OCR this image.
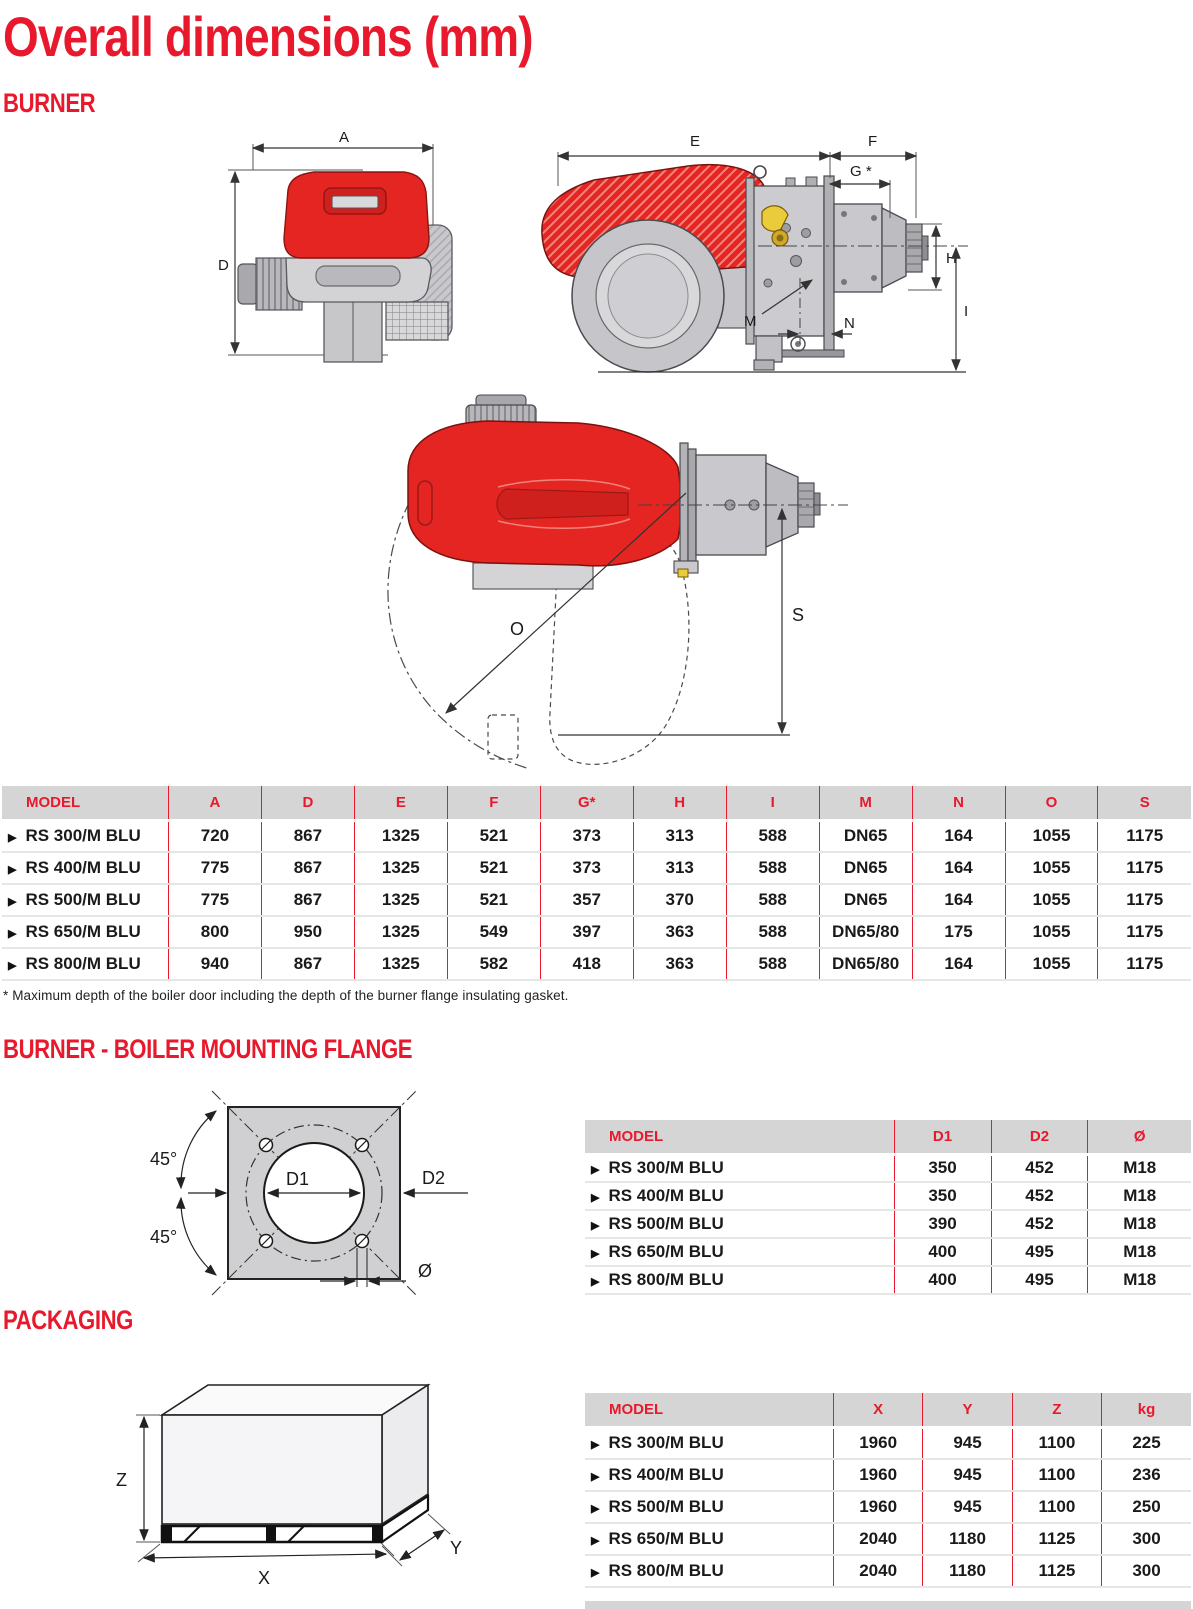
Overall dimensions (mm)
BURNER
A
D
E	F
G *
H
I
M	N
O
S
MODEL	A	D	E	F	G*	H	I	M	N	O	S
▶ RS 300/M BLU	720	867	1325	521	373	313	588	DN65	164	1055	1175
▶ RS 400/M BLU	775	867	1325	521	373	313	588	DN65	164	1055	1175
▶ RS 500/M BLU	775	867	1325	521	357	370	588	DN65	164	1055	1175
▶ RS 650/M BLU	800	950	1325	549	397	363	588	DN65/80	175	1055	1175
▶ RS 800/M BLU	940	867	1325	582	418	363	588	DN65/80	164	1055	1175

* Maximum depth of the boiler door including the depth of the burner flange insulating gasket.

BURNER - BOILER MOUNTING FLANGE
D1	D2
45°
45°
Ø
MODEL	D1	D2	Ø
▶ RS 300/M BLU	350	452	M18
▶ RS 400/M BLU	350	452	M18
▶ RS 500/M BLU	390	452	M18
▶ RS 650/M BLU	400	495	M18
▶ RS 800/M BLU	400	495	M18
PACKAGING
Z
X
Y
MODEL	X	Y	Z	kg
▶ RS 300/M BLU	1960	945	1100	225
▶ RS 400/M BLU	1960	945	1100	236
▶ RS 500/M BLU	1960	945	1100	250
▶ RS 650/M BLU	2040	1180	1125	300
▶ RS 800/M BLU	2040	1180	1125	300
